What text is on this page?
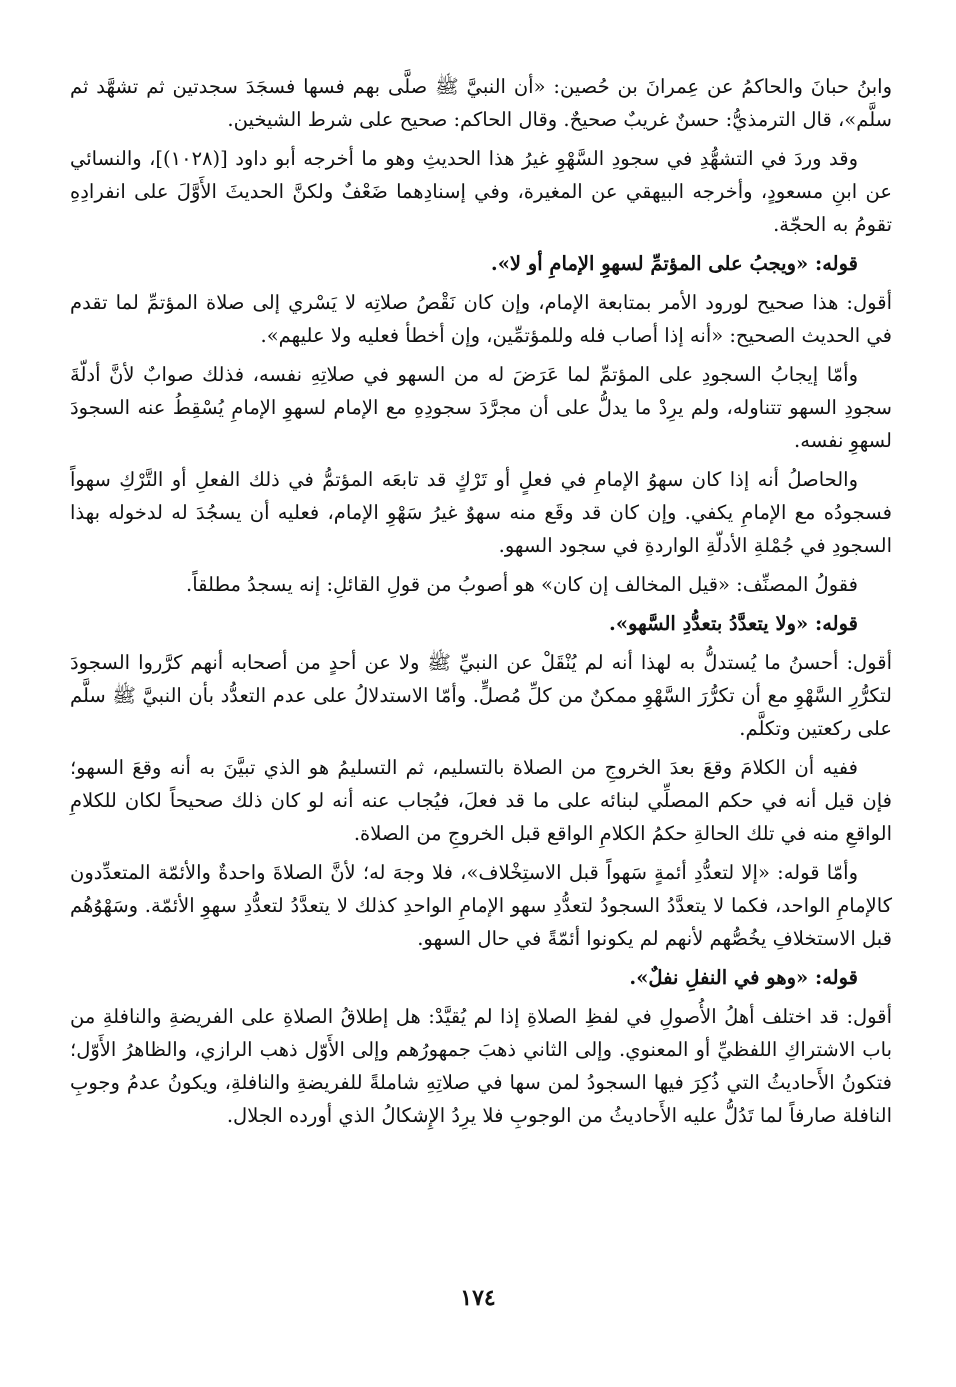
وابنُ حبانَ والحاكمُ عن عِمرانَ بن حُصين: «أن النبيَّ ﷺ صلَّى بهم فسها فسجَدَ سجدتين ثم تشهَّد ثم سلَّم»، قال الترمذيُّ: حسنٌ غريبٌ صحيحٌ. وقال الحاكم: صحيح على شرط الشيخين.

وقد وردَ في التشهُّدِ في سجودِ السَّهْوِ غيرُ هذا الحديثِ وهو ما أخرجه أبو داود [(١٠٢٨)]، والنسائي عن ابنِ مسعودٍ، وأخرجه البيهقي عن المغيرة، وفي إسنادِهما ضَعْفٌ ولكنَّ الحديثَ الأَوَّلَ على انفرادِهِ تقومُ به الحجّة.

قوله: «ويجبُ على المؤتمِّ لسهوِ الإمامِ أو لا».

أقول: هذا صحيح لورود الأمر بمتابعة الإمام، وإن كان نَقْصُ صلاتِه لا يَسْري إلى صلاة المؤتمِّ لما تقدم في الحديث الصحيح: «أنه إذا أصاب فله وللمؤتمِّين، وإن أخطأ فعليه ولا عليهم».

وأمّا إيجابُ السجودِ على المؤتمِّ لما عَرَضَ له من السهو في صلاتِهِ نفسه، فذلك صوابٌ لأنَّ أدلّةَ سجودِ السهو تتناوله، ولم يرِدْ ما يدلُّ على أن مجرَّدَ سجودِهِ مع الإمام لسهوِ الإمامِ يُسْقِطُ عنه السجودَ لسهوِ نفسه.

والحاصلُ أنه إذا كان سهوُ الإمامِ في فعلٍ أو تَرْكٍ قد تابعَه المؤتمُّ في ذلك الفعلِ أو التَّرْكِ سهواً فسجودُه مع الإمامِ يكفي. وإن كان قد وقَع منه سهوٌ غيرُ سَهْوِ الإمام، فعليه أن يسجُدَ له لدخوله بهذا السجودِ في جُمْلةِ الأدلّةِ الواردةِ في سجود السهو.

فقولُ المصنِّف: «قيل المخالف إن كان» هو أصوبُ من قولِ القائلِ: إنه يسجدُ مطلقاً.

قوله: «ولا يتعدَّدُ بتعدُّدِ السَّهو».

أقول: أحسنُ ما يُستدلُّ به لهذا أنه لم يُنْقَلْ عن النبيِّ ﷺ ولا عن أحدٍ من أصحابه أنهم كرَّروا السجودَ لتكرُّرِ السَّهْوِ مع أن تكرُّرَ السَّهْوِ ممكنٌ من كلِّ مُصلٍّ. وأمّا الاستدلالُ على عدم التعدُّد بأن النبيَّ ﷺ سلَّم على ركعتين وتكلَّم.

ففيه أن الكلامَ وقعَ بعدَ الخروجِ من الصلاة بالتسليم، ثم التسليمُ هو الذي تبيَّنَ به أنه وقعَ السهو؛ فإن قيل أنه في حكم المصلِّي لبنائه على ما قد فعلَ، فيُجاب عنه أنه لو كان ذلك صحيحاً لكان للكلامِ الواقعِ منه في تلك الحالةِ حكمُ الكلامِ الواقع قبل الخروجِ من الصلاة.

وأمّا قوله: «إلا لتعدُّدِ أئمةٍ سَهواً قبل الاستِخْلاف»، فلا وجهَ له؛ لأنَّ الصلاةَ واحدةٌ والأئمّة المتعدِّدون كالإمامِ الواحد، فكما لا يتعدَّدُ السجودُ لتعدُّدِ سهو الإمامِ الواحدِ كذلك لا يتعدَّدُ لتعدُّدِ سهوِ الأئمّة. وسَهْوُهُم قبل الاستخلافِ يخُصُّهم لأنهم لم يكونوا أئمّةً في حال السهو.

قوله: «وهو في النفلِ نفلٌ».

أقول: قد اختلف أهلُ الأُصولِ في لفظِ الصلاةِ إذا لم يُقيَّدْ: هل إطلاقُ الصلاةِ على الفريضةِ والنافلةِ من باب الاشتراكِ اللفظيِّ أو المعنوي. وإلى الثاني ذهبَ جمهورُهم وإلى الأَوّل ذهب الرازي، والظاهرُ الأَوّل؛ فتكونُ الأَحاديثُ التي ذُكِرَ فيها السجودُ لمن سها في صلاتِهِ شاملةً للفريضةِ والنافلةِ، ويكونُ عدمُ وجوبِ النافلة صارفاً لما تَدُلُّ عليه الأَحاديثُ من الوجوبِ فلا يرِدُ الإِشكالُ الذي أورده الجلال.

١٧٤
